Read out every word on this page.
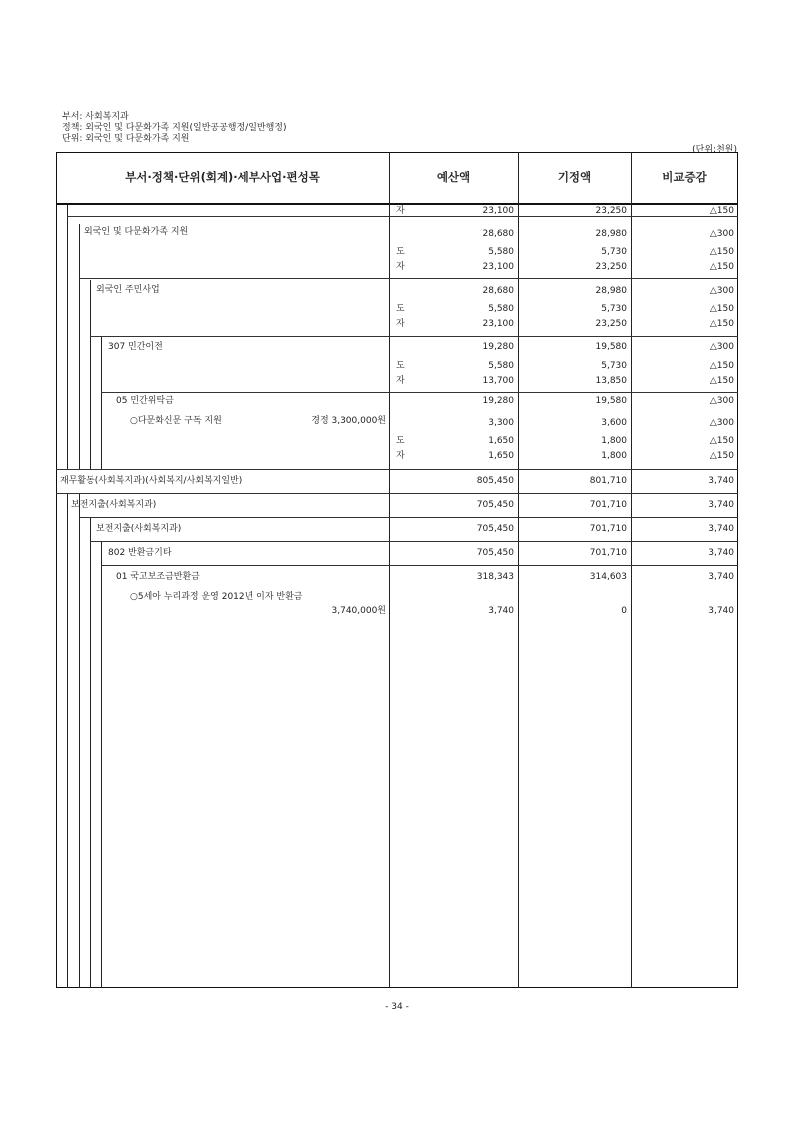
부서: 사회복지과
정책: 외국인 및 다문화가족 지원(일반공공행정/일반행정)
단위: 외국인 및 다문화가족 지원
(단위:천원)
부서·정책·단위(회계)·세부사업·편성목	예산액	기정액	비교증감
자	23,100	23,250	△150
외국인 및 다문화가족 지원	28,680	28,980	△300
도	5,580	5,730	△150
자	23,100	23,250	△150
외국인 주민사업	28,680	28,980	△300
도	5,580	5,730	△150
자	23,100	23,250	△150
307 민간이전	19,280	19,580	△300
도	5,580	5,730	△150
자	13,700	13,850	△150
05 민간위탁금	19,280	19,580	△300
○다문화신문 구독 지원	경정 3,300,000원	3,300	3,600	△300
도	1,650	1,800	△150
자	1,650	1,800	△150
재무활동(사회복지과)(사회복지/사회복지일반)	805,450	801,710	3,740
보전지출(사회복지과)	705,450	701,710	3,740
보전지출(사회복지과)	705,450	701,710	3,740
802 반환금기타	705,450	701,710	3,740
01 국고보조금반환금	318,343	314,603	3,740
○5세아 누리과정 운영 2012년 이자 반환금
3,740,000원	3,740	0	3,740
- 34 -
